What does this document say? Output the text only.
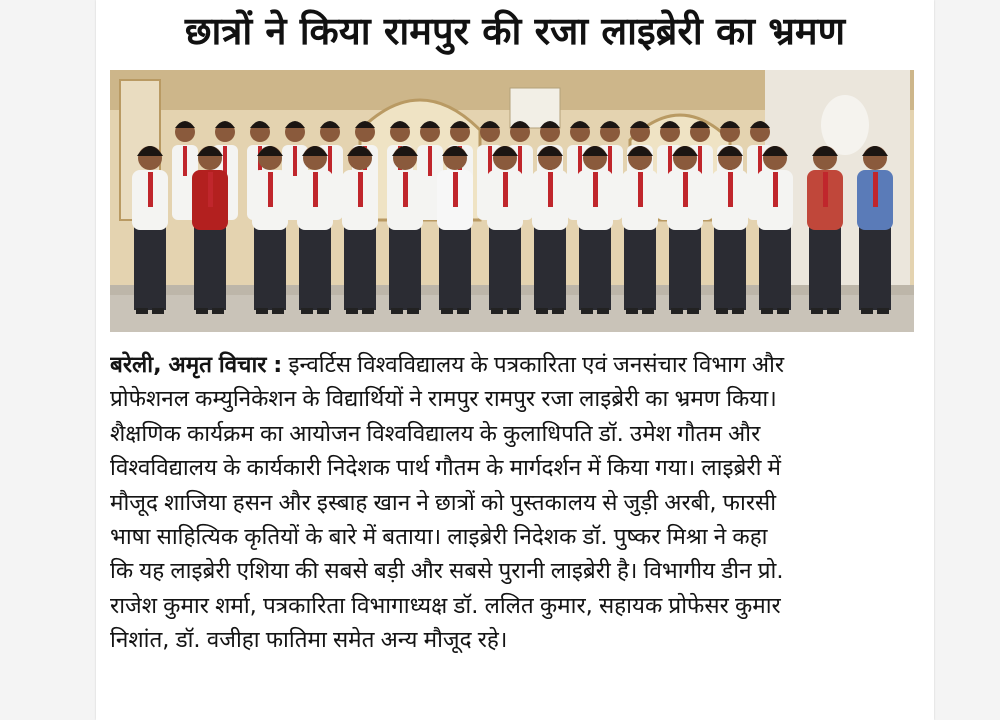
छात्रों ने किया रामपुर की रजा लाइब्रेरी का भ्रमण
बरेली, अमृत विचार : इन्वर्टिस विश्वविद्यालय के पत्रकारिता एवं जनसंचार विभाग और
प्रोफेशनल कम्युनिकेशन के विद्यार्थियों ने रामपुर रामपुर रजा लाइब्रेरी का भ्रमण किया।
शैक्षणिक कार्यक्रम का आयोजन विश्वविद्यालय के कुलाधिपति डॉ. उमेश गौतम और
विश्वविद्यालय के कार्यकारी निदेशक पार्थ गौतम के मार्गदर्शन में किया गया। लाइब्रेरी में
मौजूद शाजिया हसन और इस्बाह खान ने छात्रों को पुस्तकालय से जुड़ी अरबी, फारसी
भाषा साहित्यिक कृतियों के बारे में बताया। लाइब्रेरी निदेशक डॉ. पुष्कर मिश्रा ने कहा
कि यह लाइब्रेरी एशिया की सबसे बड़ी और सबसे पुरानी लाइब्रेरी है। विभागीय डीन प्रो.
राजेश कुमार शर्मा, पत्रकारिता विभागाध्यक्ष डॉ. ललित कुमार, सहायक प्रोफेसर कुमार
निशांत, डॉ. वजीहा फातिमा समेत अन्य मौजूद रहे।
